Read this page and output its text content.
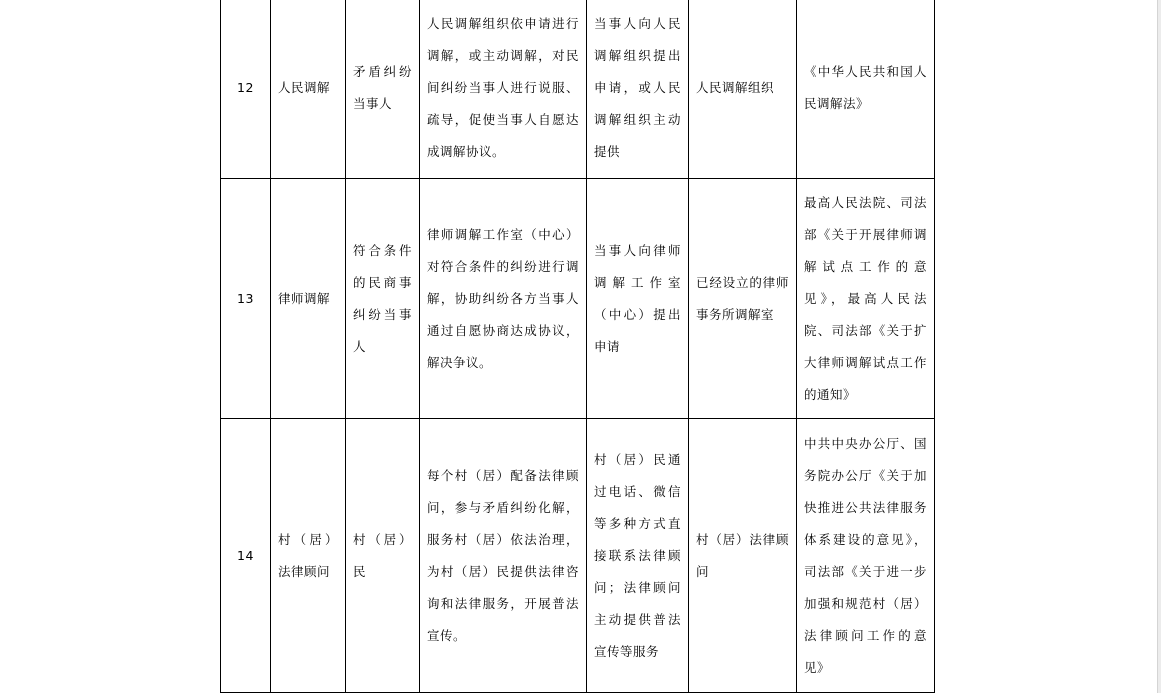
12	人民调解	矛盾纠纷当事人	人民调解组织依申请进行调解，或主动调解，对民间纠纷当事人进行说服、疏导，促使当事人自愿达成调解协议。	当事人向人民调解组织提出申请，或人民调解组织主动提供	人民调解组织	《中华人民共和国人民调解法》
13	律师调解	符合条件的民商事纠纷当事人	律师调解工作室（中心）对符合条件的纠纷进行调解，协助纠纷各方当事人通过自愿协商达成协议，解决争议。	当事人向律师调解工作室（中心）提出申请	已经设立的律师事务所调解室	最高人民法院、司法部《关于开展律师调解试点工作的意见》，最高人民法院、司法部《关于扩大律师调解试点工作的通知》
14	村（居）法律顾问	村（居）民	每个村（居）配备法律顾问，参与矛盾纠纷化解，服务村（居）依法治理，为村（居）民提供法律咨询和法律服务，开展普法宣传。	村（居）民通过电话、微信等多种方式直接联系法律顾问；法律顾问主动提供普法宣传等服务	村（居）法律顾问	中共中央办公厅、国务院办公厅《关于加快推进公共法律服务体系建设的意见》，司法部《关于进一步加强和规范村（居）法律顾问工作的意见》
